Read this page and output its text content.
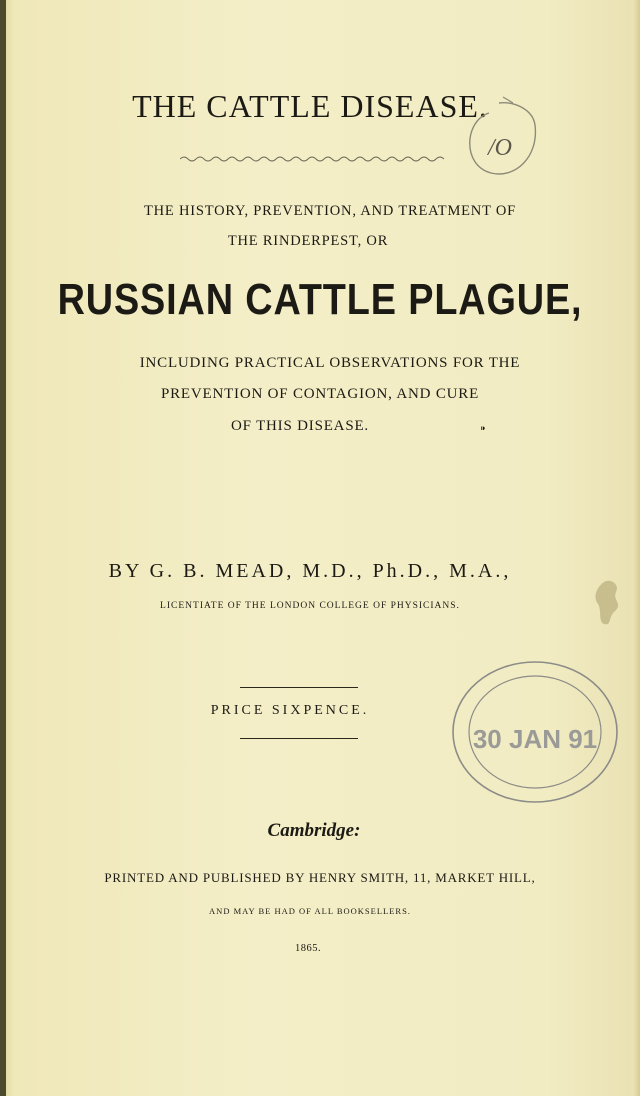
THE CATTLE DISEASE.
/O
THE HISTORY, PREVENTION, AND TREATMENT OF
THE RINDERPEST, OR
RUSSIAN CATTLE PLAGUE,
INCLUDING PRACTICAL OBSERVATIONS FOR THE
PREVENTION OF CONTAGION, AND CURE
OF THIS DISEASE.	⁍
BY G. B. MEAD, M.D., Ph.D., M.A.,
LICENTIATE OF THE LONDON COLLEGE OF PHYSICIANS.
PRICE SIXPENCE.
30 JAN 91
Cambridge:
PRINTED AND PUBLISHED BY HENRY SMITH, 11, MARKET HILL,
AND MAY BE HAD OF ALL BOOKSELLERS.
1865.
